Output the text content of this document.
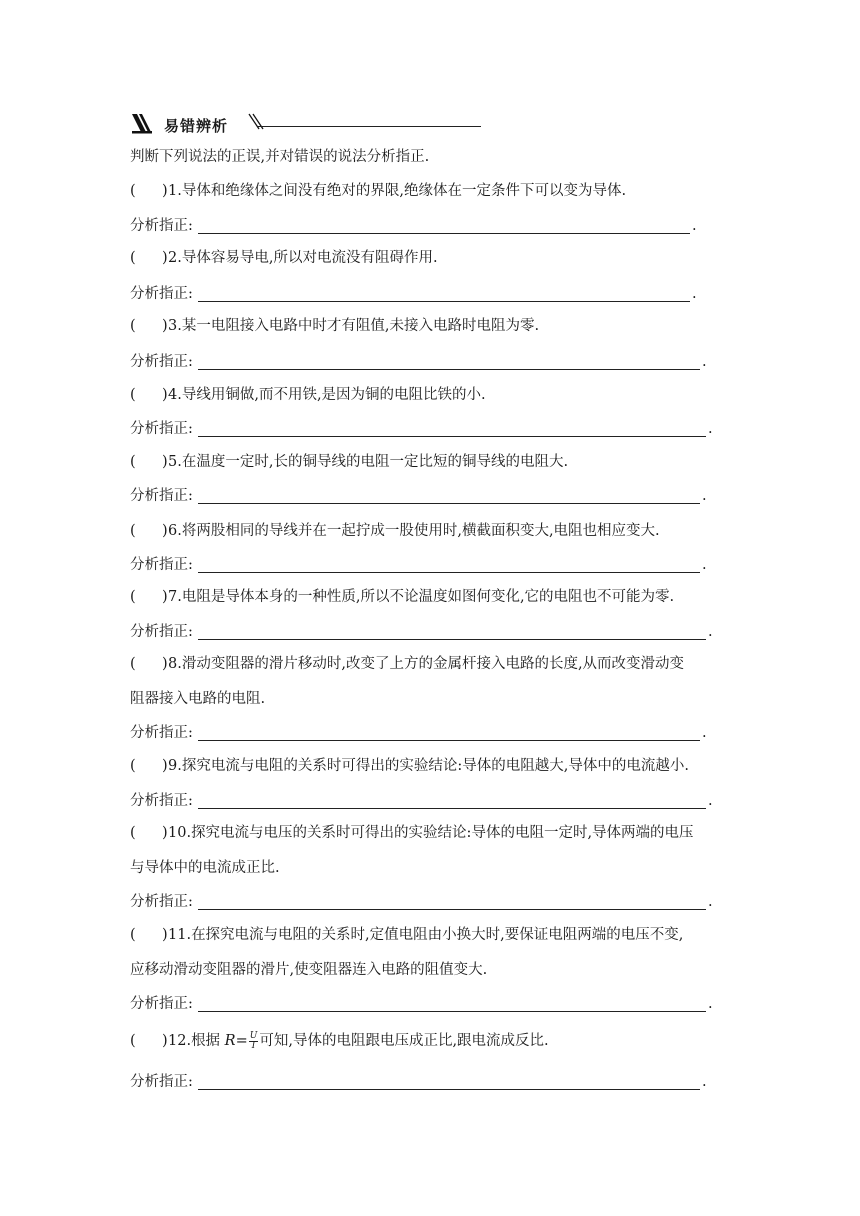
易错辨析
判断下列说法的正误,并对错误的说法分析指正.
( )1.导体和绝缘体之间没有绝对的界限,绝缘体在一定条件下可以变为导体.
分析指正:	.
( )2.导体容易导电,所以对电流没有阻碍作用.
分析指正:	.
( )3.某一电阻接入电路中时才有阻值,未接入电路时电阻为零.
分析指正:	.
( )4.导线用铜做,而不用铁,是因为铜的电阻比铁的小.
分析指正:	.
( )5.在温度一定时,长的铜导线的电阻一定比短的铜导线的电阻大.
分析指正:	.
( )6.将两股相同的导线并在一起拧成一股使用时,横截面积变大,电阻也相应变大.
分析指正:	.
( )7.电阻是导体本身的一种性质,所以不论温度如图何变化,它的电阻也不可能为零.
分析指正:	.
( )8.滑动变阻器的滑片移动时,改变了上方的金属杆接入电路的长度,从而改变滑动变
阻器接入电路的电阻.
分析指正:	.
( )9.探究电流与电阻的关系时可得出的实验结论:导体的电阻越大,导体中的电流越小.
分析指正:	.
( )10.探究电流与电压的关系时可得出的实验结论:导体的电阻一定时,导体两端的电压
与导体中的电流成正比.
分析指正:	.
( )11.在探究电流与电阻的关系时,定值电阻由小换大时,要保证电阻两端的电压不变,
应移动滑动变阻器的滑片,使变阻器连入电路的阻值变大.
分析指正:	.
( )12.根据 $R= \frac{U}{I}$ 可知,导体的电阻跟电压成正比,跟电流成反比.
分析指正:	.
